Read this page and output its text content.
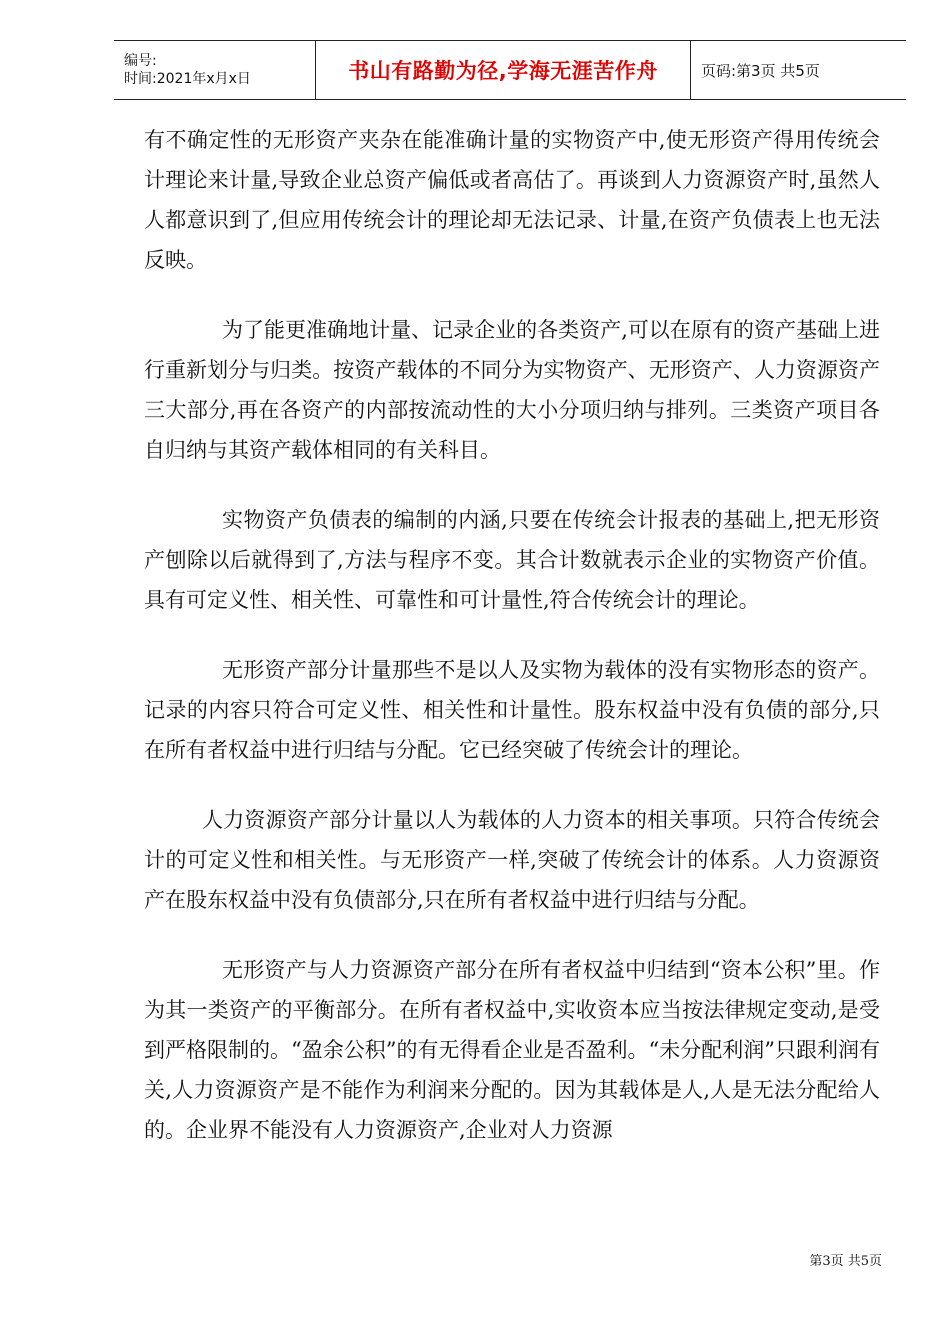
编号:
时间:2021年x月x日	书山有路勤为径,学海无涯苦作舟	页码:第3页 共5页

有不确定性的无形资产夹杂在能准确计量的实物资产中,使无形资产得用传统会计理论来计量,导致企业总资产偏低或者高估了。再谈到人力资源资产时,虽然人人都意识到了,但应用传统会计的理论却无法记录、计量,在资产负债表上也无法反映。

为了能更准确地计量、记录企业的各类资产,可以在原有的资产基础上进行重新划分与归类。按资产载体的不同分为实物资产、无形资产、人力资源资产三大部分,再在各资产的内部按流动性的大小分项归纳与排列。三类资产项目各自归纳与其资产载体相同的有关科目。

实物资产负债表的编制的内涵,只要在传统会计报表的基础上,把无形资产刨除以后就得到了,方法与程序不变。其合计数就表示企业的实物资产价值。具有可定义性、相关性、可靠性和可计量性,符合传统会计的理论。

无形资产部分计量那些不是以人及实物为载体的没有实物形态的资产。记录的内容只符合可定义性、相关性和计量性。股东权益中没有负债的部分,只在所有者权益中进行归结与分配。它已经突破了传统会计的理论。

人力资源资产部分计量以人为载体的人力资本的相关事项。只符合传统会计的可定义性和相关性。与无形资产一样,突破了传统会计的体系。人力资源资产在股东权益中没有负债部分,只在所有者权益中进行归结与分配。

无形资产与人力资源资产部分在所有者权益中归结到“资本公积”里。作为其一类资产的平衡部分。在所有者权益中,实收资本应当按法律规定变动,是受到严格限制的。“盈余公积”的有无得看企业是否盈利。“未分配利润”只跟利润有关,人力资源资产是不能作为利润来分配的。因为其载体是人,人是无法分配给人的。企业界不能没有人力资源资产,企业对人力资源

第3页 共5页
